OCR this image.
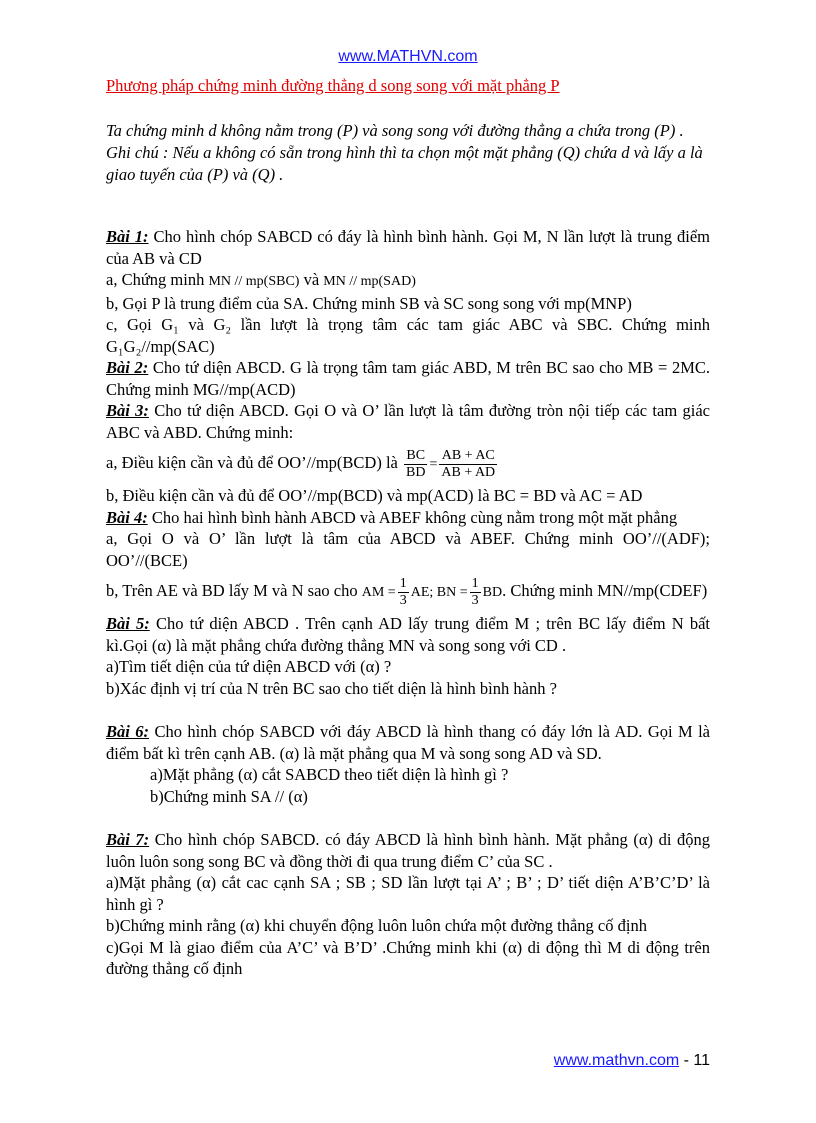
www.MATHVN.com
Phương pháp chứng minh đường thẳng d song song với mặt phẳng P

Ta chứng minh d không nằm trong (P) và song song với đường thẳng a chứa trong (P) .

Ghi chú : Nếu a không có sẵn trong hình thì ta chọn một mặt phẳng (Q) chứa d và lấy a là giao tuyến của (P) và (Q) .

Bài 1: Cho hình chóp SABCD có đáy là hình bình hành. Gọi M, N lần lượt là trung điểm của AB và CD

a, Chứng minh MN // mp(SBC) và MN // mp(SAD)

b, Gọi P là trung điểm của SA. Chứng minh SB và SC song song với mp(MNP)

c, Gọi G₁ và G₂ lần lượt là trọng tâm các tam giác ABC và SBC. Chứng minh G₁G₂//mp(SAC)

Bài 2: Cho tứ diện ABCD. G là trọng tâm tam giác ABD, M trên BC sao cho MB = 2MC. Chứng minh MG//mp(ACD)

Bài 3: Cho tứ diện ABCD. Gọi O và O’ lần lượt là tâm đường tròn nội tiếp các tam giác ABC và ABD. Chứng minh:

a, Điều kiện cần và đủ để OO’//mp(BCD) là $\frac{BC}{BD} = \frac{AB + AC}{AB + AD}$

b, Điều kiện cần và đủ để OO’//mp(BCD) và mp(ACD) là BC = BD và AC = AD

Bài 4: Cho hai hình bình hành ABCD và ABEF không cùng nằm trong một mặt phẳng

a, Gọi O và O’ lần lượt là tâm của ABCD và ABEF. Chứng minh OO’//(ADF); OO’//(BCE)

b, Trên AE và BD lấy M và N sao cho AM = $\frac{1}{3}$ AE; BN = $\frac{1}{3}$ BD. Chứng minh MN//mp(CDEF)

Bài 5: Cho tứ diện ABCD . Trên cạnh AD lấy trung điểm M ; trên BC lấy điểm N bất kì.Gọi (α) là mặt phẳng chứa đường thẳng MN và song song với CD .

a)Tìm tiết diện của tứ diện ABCD với (α) ?

b)Xác định vị trí của N trên BC sao cho tiết diện là hình bình hành ?

Bài 6: Cho hình chóp SABCD với đáy ABCD là hình thang có đáy lớn là AD. Gọi M là điểm bất kì trên cạnh AB. (α) là mặt phẳng qua M và song song AD và SD.

a)Mặt phẳng (α) cắt SABCD theo tiết diện là hình gì ?

b)Chứng minh SA // (α)

Bài 7: Cho hình chóp SABCD. có đáy ABCD là hình bình hành. Mặt phẳng (α) di động luôn luôn song song BC và đồng thời đi qua trung điểm C’ của SC .

a)Mặt phẳng (α) cắt cac cạnh SA ; SB ; SD lần lượt tại A’ ; B’ ; D’ tiết diện A’B’C’D’ là hình gì ?

b)Chứng minh rằng (α) khi chuyển động luôn luôn chứa một đường thẳng cố định

c)Gọi M là giao điểm của A’C’ và B’D’ .Chứng minh khi (α) di động thì M di động trên đường thẳng cố định

www.mathvn.com - 11
